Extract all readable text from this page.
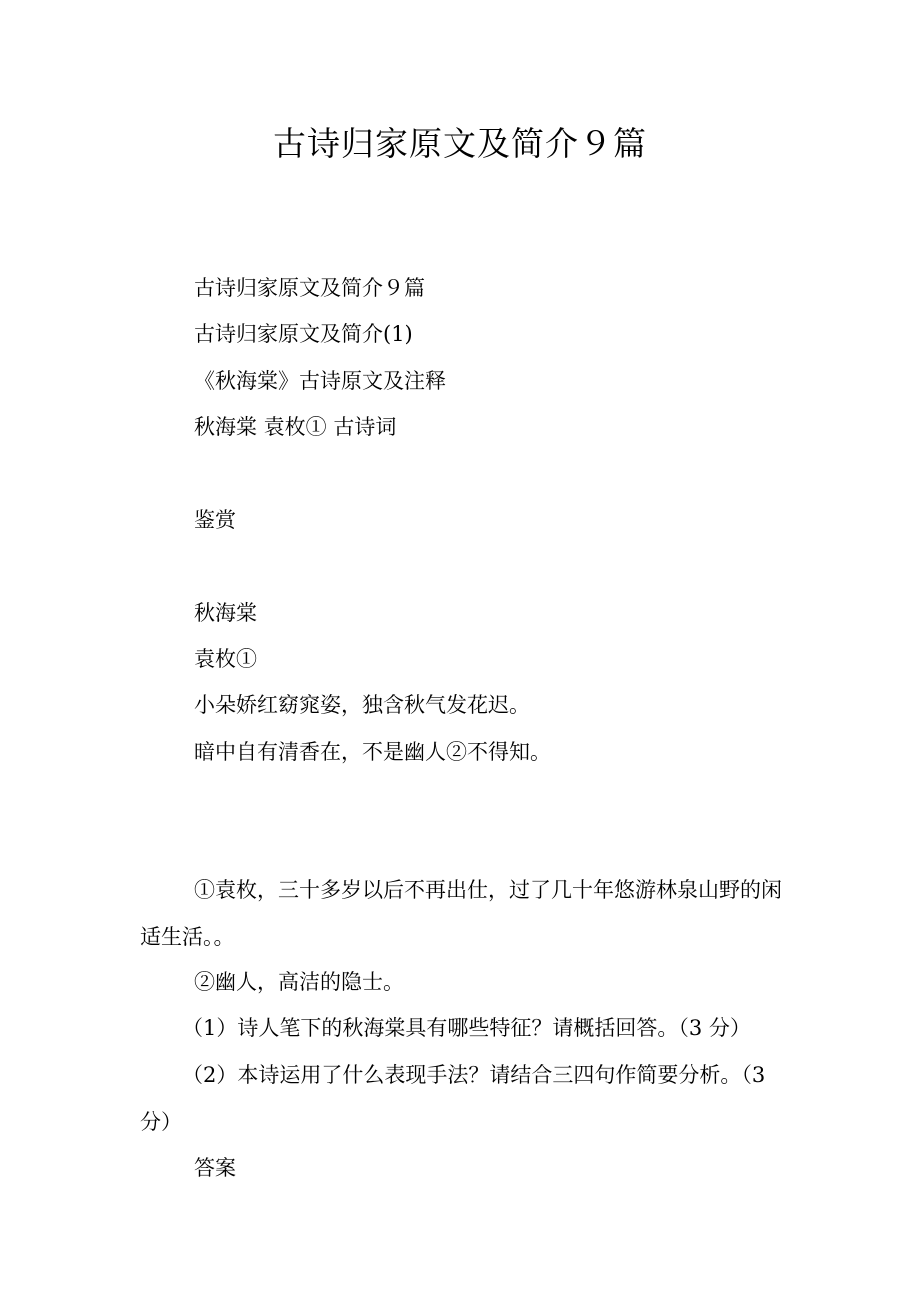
古诗归家原文及简介９篇

古诗归家原文及简介９篇

古诗归家原文及简介(1)

《秋海棠》古诗原文及注释

秋海棠 袁枚① 古诗词

鉴赏

秋海棠

袁枚①

小朵娇红窈窕姿，独含秋气发花迟。

暗中自有清香在，不是幽人②不得知。

①袁枚，三十多岁以后不再出仕，过了几十年悠游林泉山野的闲适生活。。

②幽人，高洁的隐士。

（1）诗人笔下的秋海棠具有哪些特征？请概括回答。（3 分）

（2）本诗运用了什么表现手法？请结合三四句作简要分析。（3 分）

答案
